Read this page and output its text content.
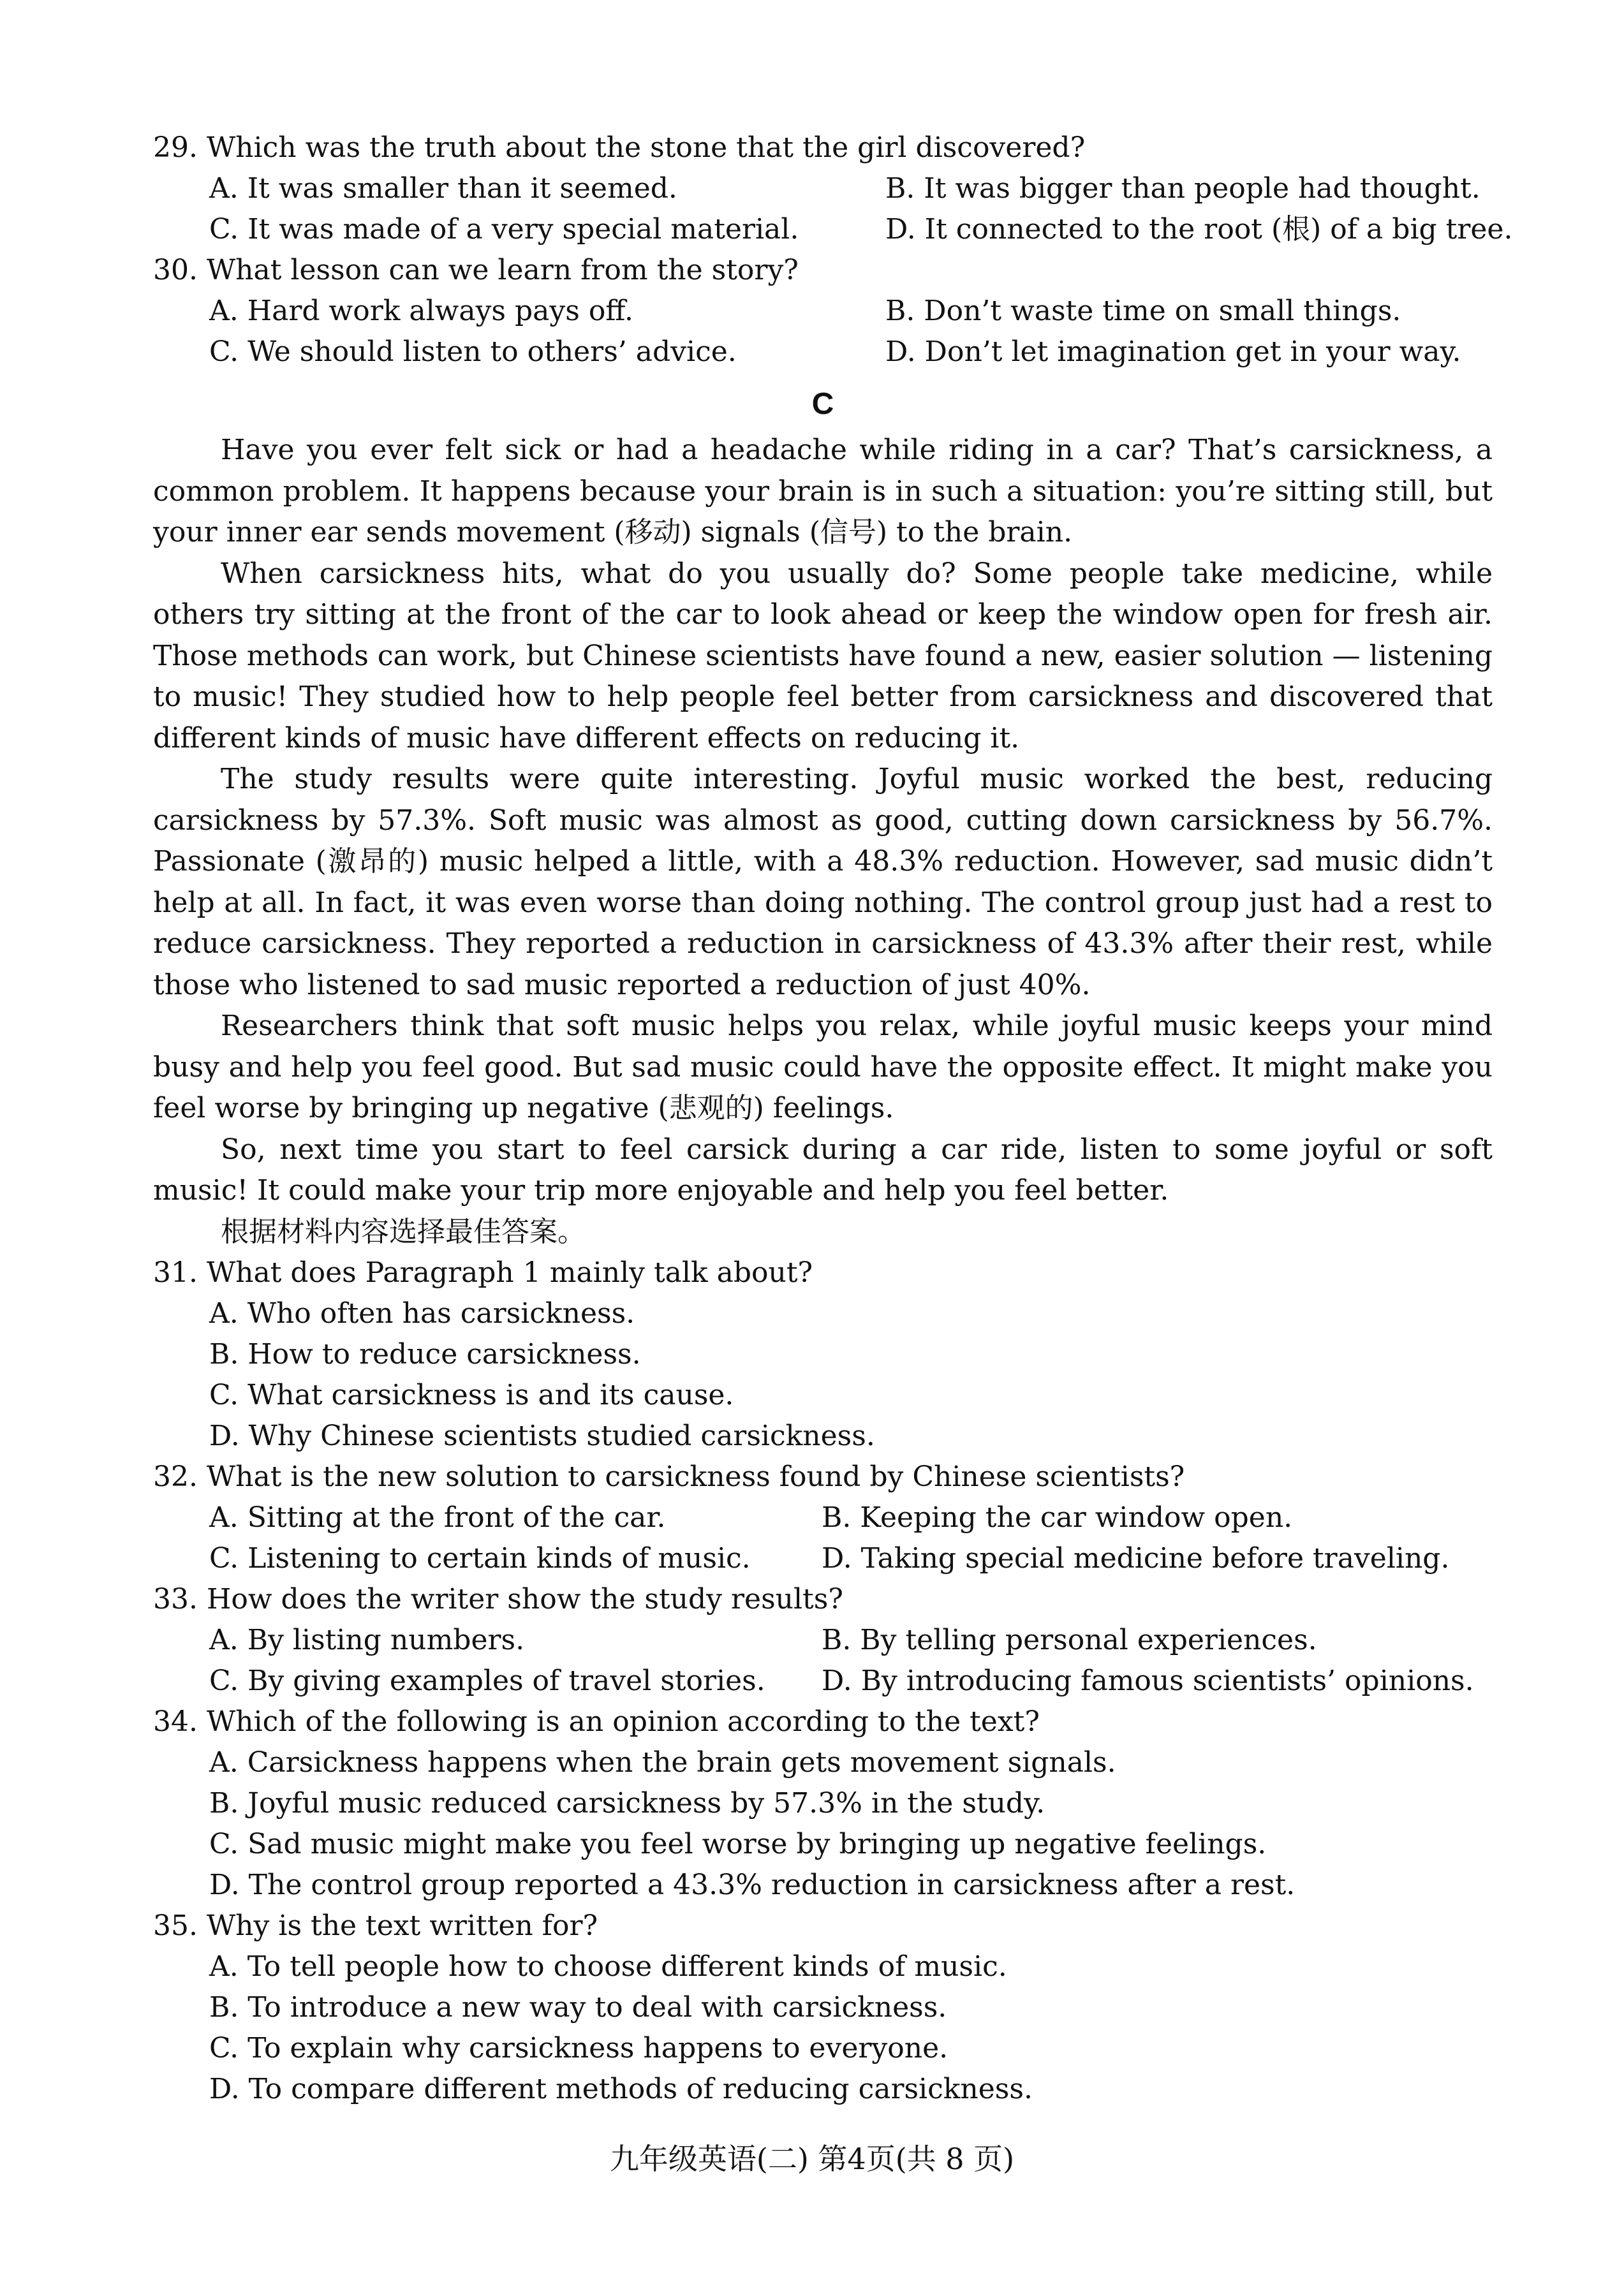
29. Which was the truth about the stone that the girl discovered?

A. It was smaller than it seemed.	B. It was bigger than people had thought.
C. It was made of a very special material.	D. It connected to the root (根) of a big tree.

30. What lesson can we learn from the story?

A. Hard work always pays off.	B. Don’t waste time on small things.
C. We should listen to others’ advice.	D. Don’t let imagination get in your way.
C

Have you ever felt sick or had a headache while riding in a car? That’s carsickness, a common problem. It happens because your brain is in such a situation: you’re sitting still, but your inner ear sends movement (移动) signals (信号) to the brain.

When carsickness hits, what do you usually do? Some people take medicine, while others try sitting at the front of the car to look ahead or keep the window open for fresh air. Those methods can work, but Chinese scientists have found a new, easier solution — listening to music! They studied how to help people feel better from carsickness and discovered that different kinds of music have different effects on reducing it.

The study results were quite interesting. Joyful music worked the best, reducing carsickness by 57.3%. Soft music was almost as good, cutting down carsickness by 56.7%. Passionate (激昂的) music helped a little, with a 48.3% reduction. However, sad music didn’t help at all. In fact, it was even worse than doing nothing. The control group just had a rest to reduce carsickness. They reported a reduction in carsickness of 43.3% after their rest, while those who listened to sad music reported a reduction of just 40%.

Researchers think that soft music helps you relax, while joyful music keeps your mind busy and help you feel good. But sad music could have the opposite effect. It might make you feel worse by bringing up negative (悲观的) feelings.

So, next time you start to feel carsick during a car ride, listen to some joyful or soft music! It could make your trip more enjoyable and help you feel better.

根据材料内容选择最佳答案。

31. What does Paragraph 1 mainly talk about?

A. Who often has carsickness.
B. How to reduce carsickness.
C. What carsickness is and its cause.
D. Why Chinese scientists studied carsickness.

32. What is the new solution to carsickness found by Chinese scientists?

A. Sitting at the front of the car.	B. Keeping the car window open.
C. Listening to certain kinds of music.	D. Taking special medicine before traveling.

33. How does the writer show the study results?

A. By listing numbers.	B. By telling personal experiences.
C. By giving examples of travel stories.	D. By introducing famous scientists’ opinions.

34. Which of the following is an opinion according to the text?

A. Carsickness happens when the brain gets movement signals.
B. Joyful music reduced carsickness by 57.3% in the study.
C. Sad music might make you feel worse by bringing up negative feelings.
D. The control group reported a 43.3% reduction in carsickness after a rest.

35. Why is the text written for?

A. To tell people how to choose different kinds of music.
B. To introduce a new way to deal with carsickness.
C. To explain why carsickness happens to everyone.
D. To compare different methods of reducing carsickness.
九年级英语(二) 第4页(共 8 页)
